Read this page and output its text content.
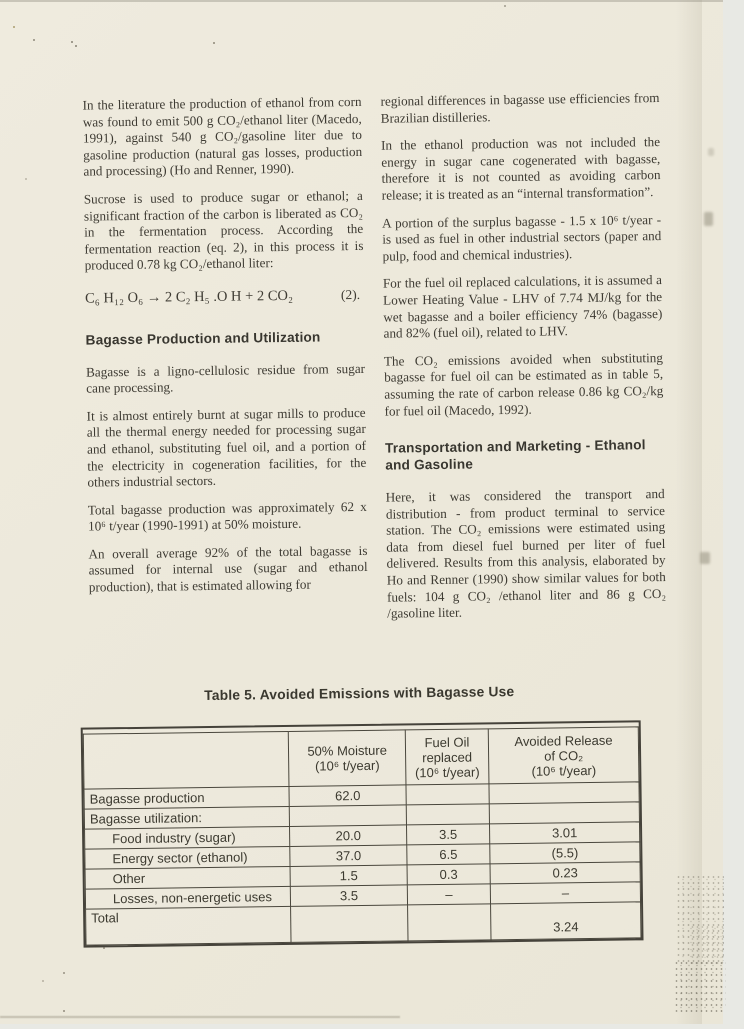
In the literature the production of ethanol from corn was found to emit 500 g CO₂/ethanol liter (Macedo, 1991), against 540 g CO₂/gasoline liter due to gasoline production (natural gas losses, production and processing) (Ho and Renner, 1990).

Sucrose is used to produce sugar or ethanol; a significant fraction of the carbon is liberated as CO₂ in the fermentation process. According the fermentation reaction (eq. 2), in this process it is produced 0.78 kg CO₂/ethanol liter:

C₆ H₁₂ O₆ → 2 C₂ H₅ .O H + 2 CO₂	(2).
Bagasse Production and Utilization

Bagasse is a ligno-cellulosic residue from sugar cane processing.

It is almost entirely burnt at sugar mills to produce all the thermal energy needed for processing sugar and ethanol, substituting fuel oil, and a portion of the electricity in cogeneration facilities, for the others industrial sectors.

Total bagasse production was approximately 62 x 10⁶ t/year (1990-1991) at 50% moisture.

An overall average 92% of the total bagasse is assumed for internal use (sugar and ethanol production), that is estimated allowing for

regional differences in bagasse use efficiencies from Brazilian distilleries.

In the ethanol production was not included the energy in sugar cane cogenerated with bagasse, therefore it is not counted as avoiding carbon release; it is treated as an “internal transformation”.

A portion of the surplus bagasse - 1.5 x 10⁶ t/year - is used as fuel in other industrial sectors (paper and pulp, food and chemical industries).

For the fuel oil replaced calculations, it is assumed a Lower Heating Value - LHV of 7.74 MJ/kg for the wet bagasse and a boiler efficiency 74% (bagasse) and 82% (fuel oil), related to LHV.

The CO₂ emissions avoided when substituting bagasse for fuel oil can be estimated as in table 5, assuming the rate of carbon release 0.86 kg CO₂/kg for fuel oil (Macedo, 1992).

Transportation and Marketing - Ethanol and Gasoline

Here, it was considered the transport and distribution - from product terminal to service station. The CO₂ emissions were estimated using data from diesel fuel burned per liter of fuel delivered. Results from this analysis, elaborated by Ho and Renner (1990) show similar values for both fuels: 104 g CO₂ /ethanol liter and 86 g CO₂ /gasoline liter.

Table 5. Avoided Emissions with Bagasse Use
	50% Moisture
(10⁶ t/year)	Fuel Oil
replaced
(10⁶ t/year)	Avoided Release
of CO₂
(10⁶ t/year)
Bagasse production	62.0		
Bagasse utilization:			
Food industry (sugar)	20.0	3.5	3.01
Energy sector (ethanol)	37.0	6.5	(5.5)
Other	1.5	0.3	0.23
Losses, non-energetic uses	3.5	–	–
Total			3.24
